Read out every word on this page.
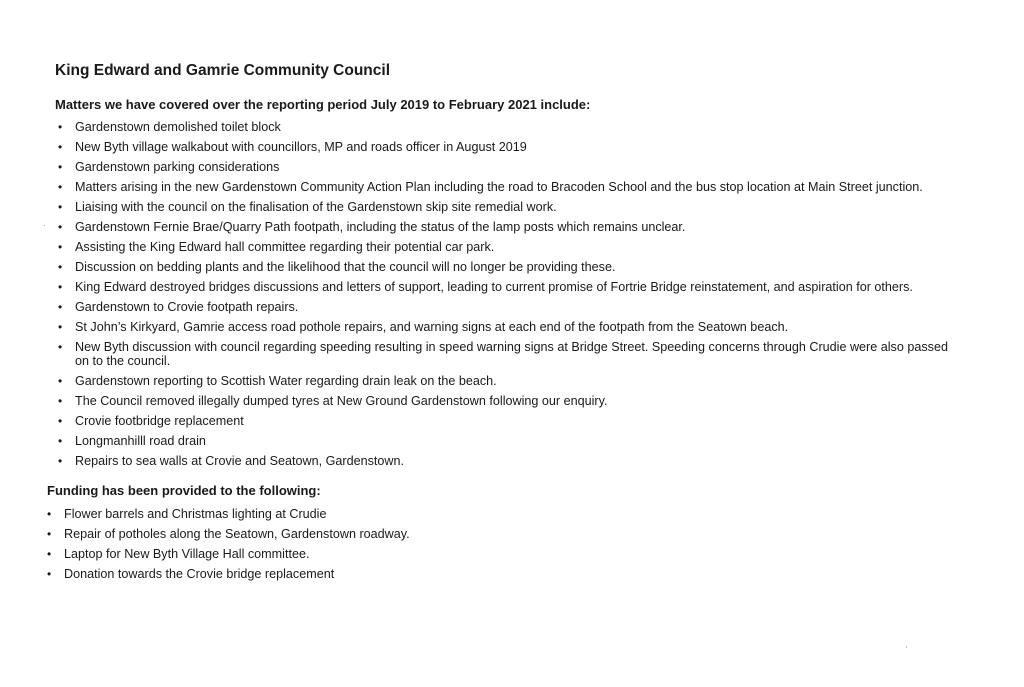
King Edward and Gamrie Community Council
Matters we have covered over the reporting period July 2019 to February 2021 include:
• Gardenstown demolished toilet block
• New Byth village walkabout with councillors, MP and roads officer in August 2019
• Gardenstown parking considerations
• Matters arising in the new Gardenstown Community Action Plan including the road to Bracoden School and the bus stop location at Main Street junction.
• Liaising with the council on the finalisation of the Gardenstown skip site remedial work.
• Gardenstown Fernie Brae/Quarry Path footpath, including the status of the lamp posts which remains unclear.
• Assisting the King Edward hall committee regarding their potential car park.
• Discussion on bedding plants and the likelihood that the council will no longer be providing these.
• King Edward destroyed bridges discussions and letters of support, leading to current promise of Fortrie Bridge reinstatement, and aspiration for others.
• Gardenstown to Crovie footpath repairs.
• St John’s Kirkyard, Gamrie access road pothole repairs, and warning signs at each end of the footpath from the Seatown beach.
• New Byth discussion with council regarding speeding resulting in speed warning signs at Bridge Street. Speeding concerns through Crudie were also passed on to the council.
• Gardenstown reporting to Scottish Water regarding drain leak on the beach.
• The Council removed illegally dumped tyres at New Ground Gardenstown following our enquiry.
• Crovie footbridge replacement
• Longmanhilll road drain
• Repairs to sea walls at Crovie and Seatown, Gardenstown.
Funding has been provided to the following:
• Flower barrels and Christmas lighting at Crudie
• Repair of potholes along the Seatown, Gardenstown roadway.
• Laptop for New Byth Village Hall committee.
• Donation towards the Crovie bridge replacement
·
'
